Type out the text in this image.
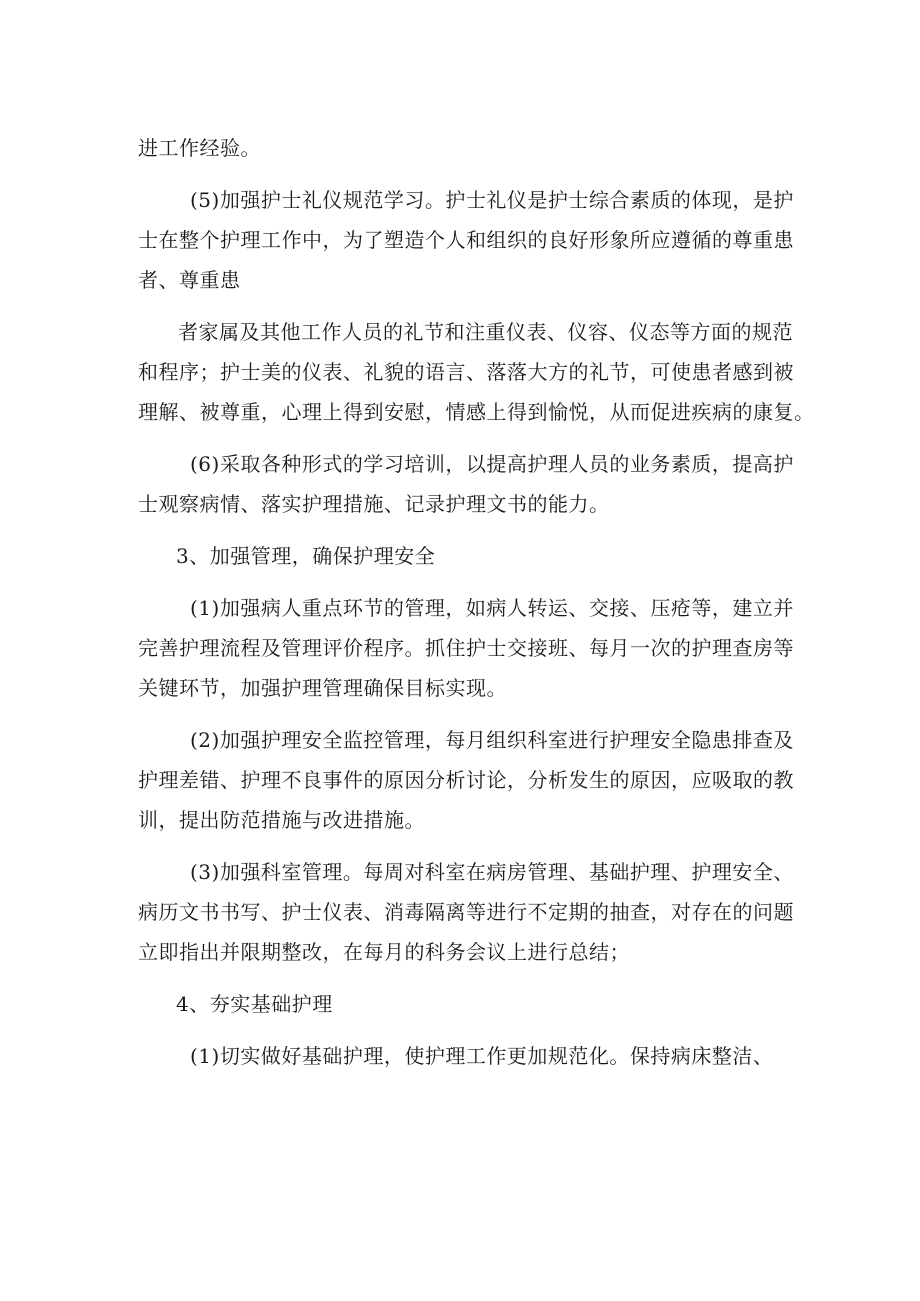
进工作经验。
(5)加强护士礼仪规范学习。护士礼仪是护士综合素质的体现，是护
士在整个护理工作中，为了塑造个人和组织的良好形象所应遵循的尊重患
者、尊重患
者家属及其他工作人员的礼节和注重仪表、仪容、仪态等方面的规范
和程序；护士美的仪表、礼貌的语言、落落大方的礼节，可使患者感到被
理解、被尊重，心理上得到安慰，情感上得到愉悦，从而促进疾病的康复。
(6)采取各种形式的学习培训，以提高护理人员的业务素质，提高护
士观察病情、落实护理措施、记录护理文书的能力。
3、加强管理，确保护理安全
(1)加强病人重点环节的管理，如病人转运、交接、压疮等，建立并
完善护理流程及管理评价程序。抓住护士交接班、每月一次的护理查房等
关键环节，加强护理管理确保目标实现。
(2)加强护理安全监控管理，每月组织科室进行护理安全隐患排查及
护理差错、护理不良事件的原因分析讨论，分析发生的原因，应吸取的教
训，提出防范措施与改进措施。
(3)加强科室管理。每周对科室在病房管理、基础护理、护理安全、
病历文书书写、护士仪表、消毒隔离等进行不定期的抽查，对存在的问题
立即指出并限期整改，在每月的科务会议上进行总结；
4、夯实基础护理
(1)切实做好基础护理，使护理工作更加规范化。保持病床整洁、
